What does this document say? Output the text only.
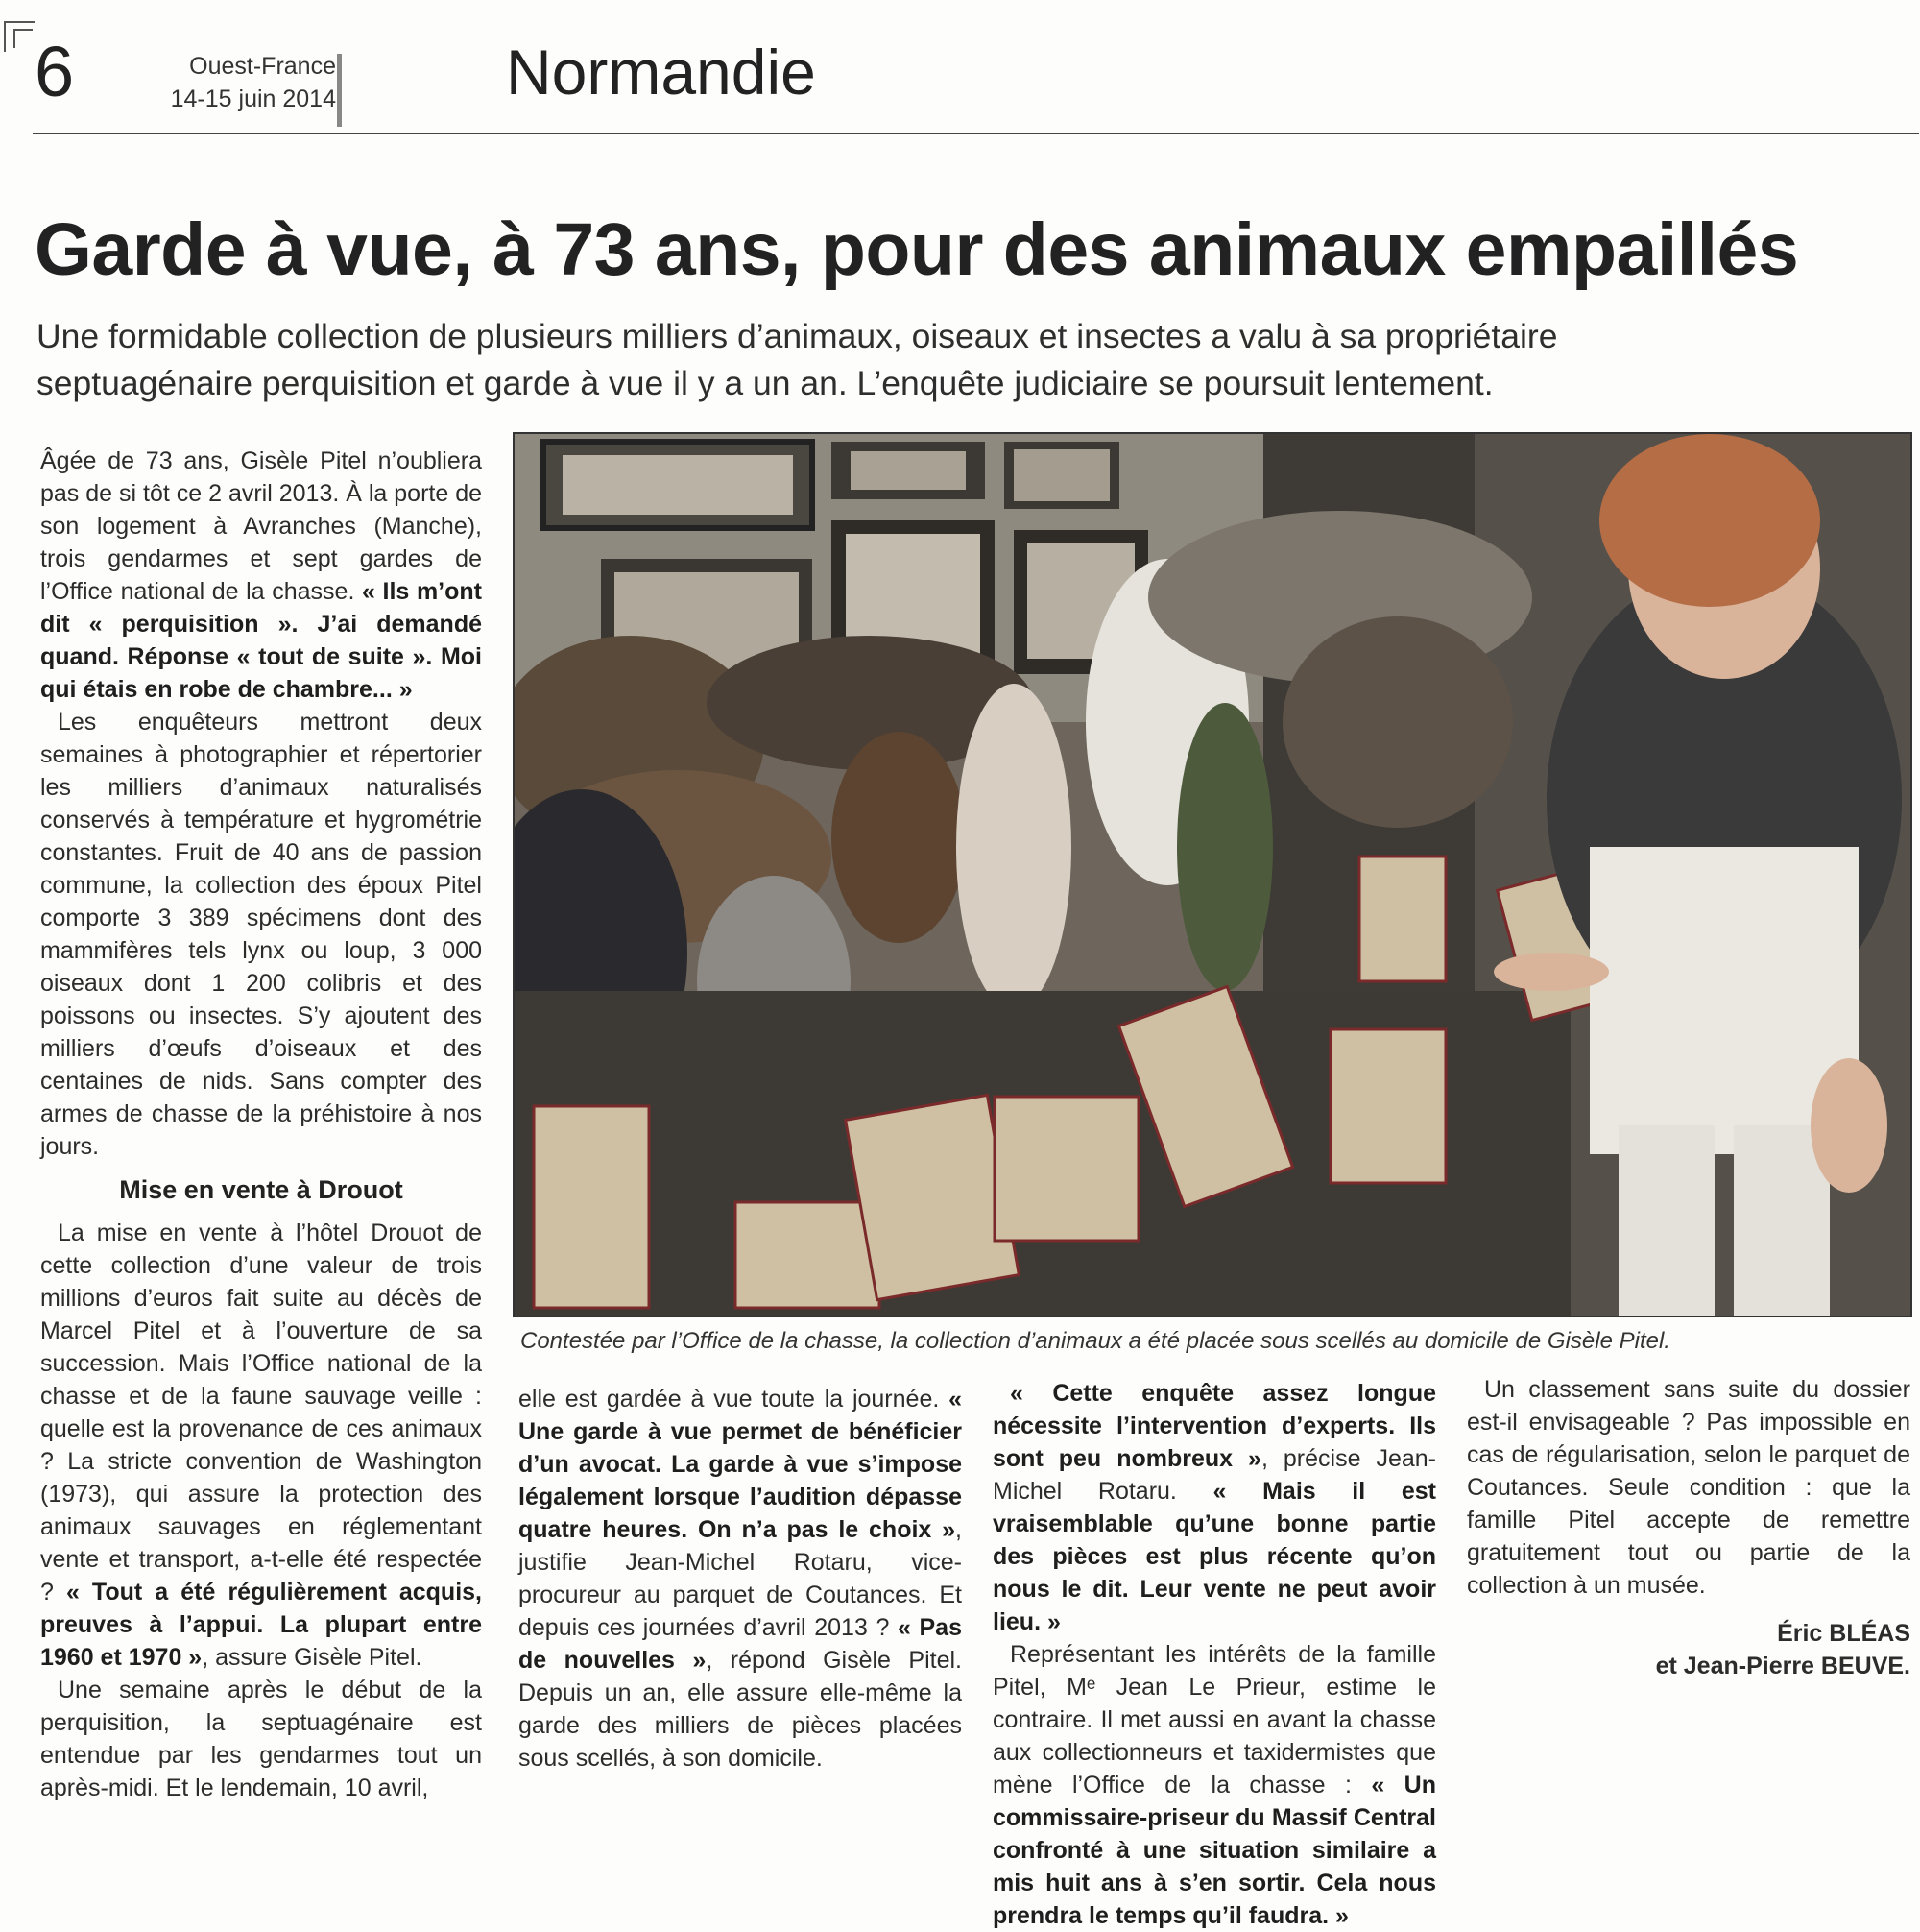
6	Ouest-France
14-15 juin 2014	Normandie
Garde à vue, à 73 ans, pour des animaux empaillés
Une formidable collection de plusieurs milliers d’animaux, oiseaux et insectes a valu à sa propriétaire
septuagénaire perquisition et garde à vue il y a un an. L’enquête judiciaire se poursuit lentement.

Âgée de 73 ans, Gisèle Pitel n’oubliera pas de si tôt ce 2 avril 2013. À la porte de son logement à Avranches (Manche), trois gendarmes et sept gardes de l’Office national de la chasse. « Ils m’ont dit « perquisition ». J’ai demandé quand. Réponse « tout de suite ». Moi qui étais en robe de chambre... »

Les enquêteurs mettront deux semaines à photographier et répertorier les milliers d’animaux naturalisés conservés à température et hygrométrie constantes. Fruit de 40 ans de passion commune, la collection des époux Pitel comporte 3 389 spécimens dont des mammifères tels lynx ou loup, 3 000 oiseaux dont 1 200 colibris et des poissons ou insectes. S’y ajoutent des milliers d’œufs d’oiseaux et des centaines de nids. Sans compter des armes de chasse de la préhistoire à nos jours.

Mise en vente à Drouot

La mise en vente à l’hôtel Drouot de cette collection d’une valeur de trois millions d’euros fait suite au décès de Marcel Pitel et à l’ouverture de sa succession. Mais l’Office national de la chasse et de la faune sauvage veille : quelle est la provenance de ces animaux ? La stricte convention de Washington (1973), qui assure la protection des animaux sauvages en réglementant vente et transport, a-t-elle été respectée ? « Tout a été régulièrement acquis, preuves à l’appui. La plupart entre 1960 et 1970 », assure Gisèle Pitel.

Une semaine après le début de la perquisition, la septuagénaire est entendue par les gendarmes tout un après-midi. Et le lendemain, 10 avril,

Contestée par l’Office de la chasse, la collection d’animaux a été placée sous scellés au domicile de Gisèle Pitel.

elle est gardée à vue toute la journée. « Une garde à vue permet de bénéficier d’un avocat. La garde à vue s’impose légalement lorsque l’audition dépasse quatre heures. On n’a pas le choix », justifie Jean-Michel Rotaru, vice-procureur au parquet de Coutances. Et depuis ces journées d’avril 2013 ? « Pas de nouvelles », répond Gisèle Pitel. Depuis un an, elle assure elle-même la garde des milliers de pièces placées sous scellés, à son domicile.

« Cette enquête assez longue nécessite l’intervention d’experts. Ils sont peu nombreux », précise Jean-Michel Rotaru. « Mais il est vraisemblable qu’une bonne partie des pièces est plus récente qu’on nous le dit. Leur vente ne peut avoir lieu. »

Représentant les intérêts de la famille Pitel, Mᵉ Jean Le Prieur, estime le contraire. Il met aussi en avant la chasse aux collectionneurs et taxidermistes que mène l’Office de la chasse : « Un commissaire-priseur du Massif Central confronté à une situation similaire a mis huit ans à s’en sortir. Cela nous prendra le temps qu’il faudra. »

Un classement sans suite du dossier est-il envisageable ? Pas impossible en cas de régularisation, selon le parquet de Coutances. Seule condition : que la famille Pitel accepte de remettre gratuitement tout ou partie de la collection à un musée.

Éric BLÉAS
et Jean-Pierre BEUVE.
